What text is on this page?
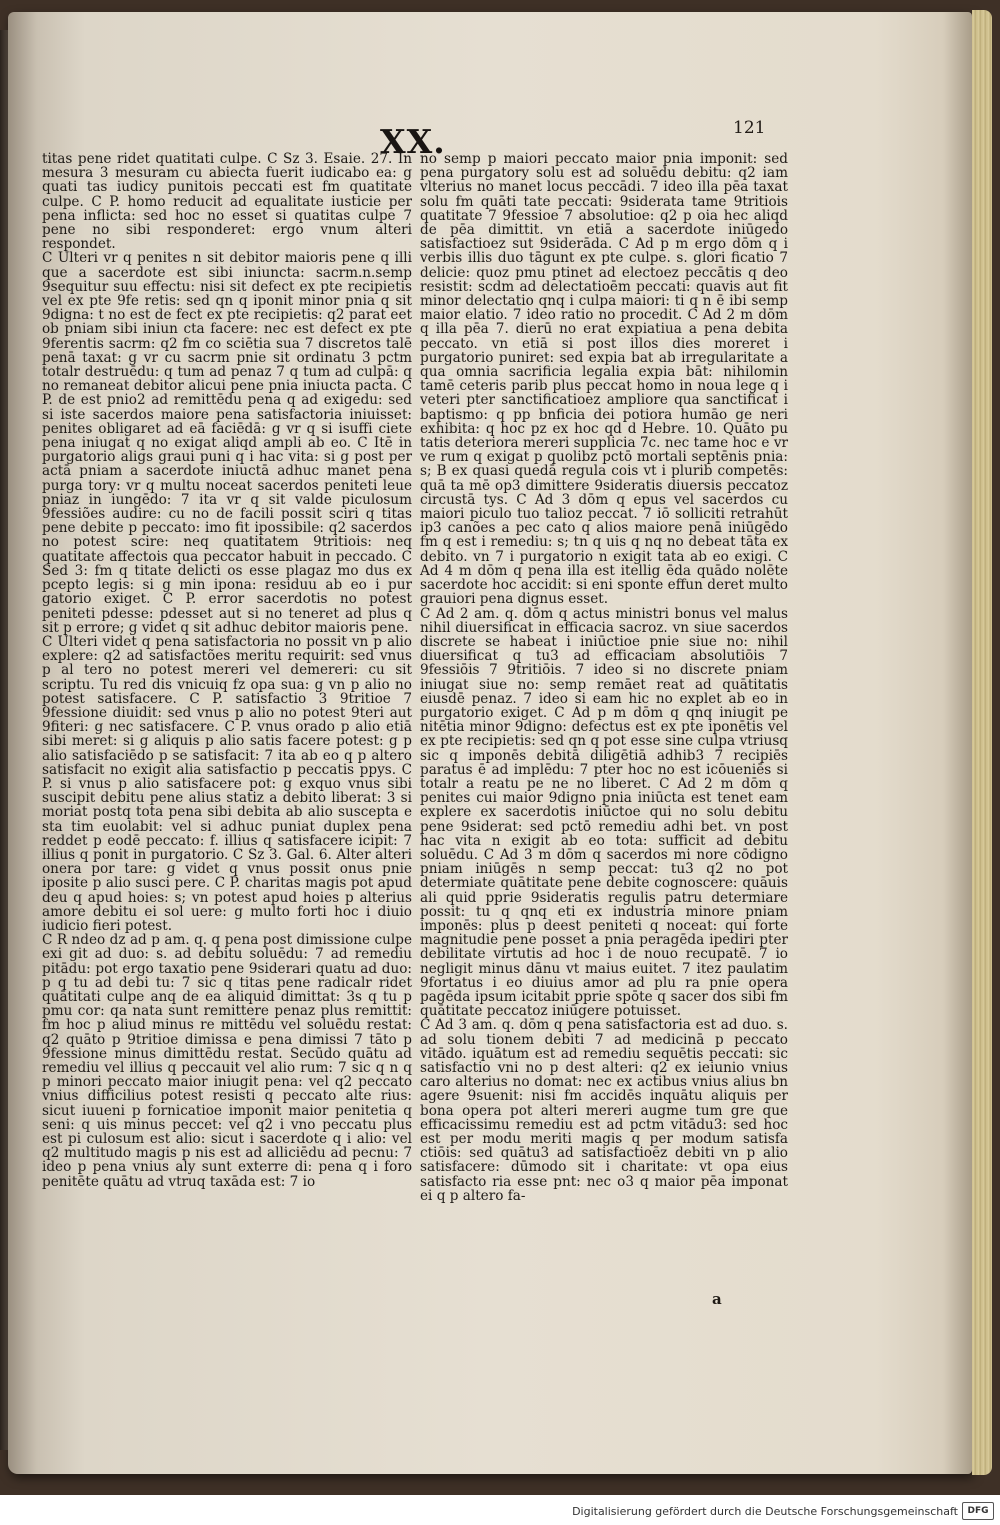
XX.	121

titas pene ridet quatitati culpe. C Sz 3. Esaie. 27. In mesura 3 mesuram cu abiecta fuerit iudicabo ea: g quati tas iudicy punitois peccati est fm quatitate culpe. C P. homo reducit ad equalitate iusticie per pena inflicta: sed hoc no esset si quatitas culpe 7 pene no sibi responderet: ergo vnum alteri respondet.

C Ulteri vr q penites n sit debitor maioris pene q illi que a sacerdote est sibi iniuncta: sacrm.n.semp 9sequitur suu effectu: nisi sit defect ex pte recipietis vel ex pte 9fe retis: sed qn q iponit minor pnia q sit 9digna: t no est de fect ex pte recipietis: q2 parat eet ob pniam sibi iniun cta facere: nec est defect ex pte 9ferentis sacrm: q2 fm co sciētia sua 7 discretos talē penā taxat: g vr cu sacrm pnie sit ordinatu 3 pctm totalr destruēdu: q tum ad penaz 7 q tum ad culpā: q no remaneat debitor alicui pene pnia iniucta pacta. C P. de est pnio2 ad remittēdu pena q ad exigedu: sed si iste sacerdos maiore pena satisfactoria iniuisset: penites obligaret ad eā faciēdā: g vr q si isuffi ciete pena iniugat q no exigat aliqd ampli ab eo. C Itē in purgatorio aligs graui puni q i hac vita: si g post per actā pniam a sacerdote iniuctā adhuc manet pena purga tory: vr q multu noceat sacerdos peniteti leue pniaz in iungēdo: 7 ita vr q sit valde piculosum 9fessiões audire: cu no de facili possit sciri q titas pene debite p peccato: imo fit ipossibile: q2 sacerdos no potest scire: neq quatitatem 9tritiois: neq quatitate affectois qua peccator habuit in peccado. C Sed 3: fm q titate delicti os esse plagaz mo dus ex pcepto legis: si g min ipona: residuu ab eo i pur gatorio exiget. C P. error sacerdotis no potest peniteti pdesse: pdesset aut si no teneret ad plus q sit p errore; g videt q sit adhuc debitor maioris pene.

C Ulteri videt q pena satisfactoria no possit vn p alio explere: q2 ad satisfactões meritu requirit: sed vnus p al tero no potest mereri vel demereri: cu sit scriptu. Tu red dis vnicuiq fz opa sua: g vn p alio no potest satisfacere. C P. satisfactio 3 9tritioe 7 9fessione diuidit: sed vnus p alio no potest 9teri aut 9fiteri: g nec satisfacere. C P. vnus orado p alio etiā sibi meret: si g aliquis p alio satis facere potest: g p alio satisfaciēdo p se satisfacit: 7 ita ab eo q p altero satisfacit no exigit alia satisfactio p peccatis ppys. C P. si vnus p alio satisfacere pot: g exquo vnus sibi suscipit debitu pene alius statiz a debito liberat: 3 si moriat postq tota pena sibi debita ab alio suscepta e sta tim euolabit: vel si adhuc puniat duplex pena reddet p eodē peccato: f. illius q satisfacere icipit: 7 illius q ponit in purgatorio. C Sz 3. Gal. 6. Alter alteri onera por tare: g videt q vnus possit onus pnie iposite p alio susci pere. C P. charitas magis pot apud deu q apud hoies: s; vn potest apud hoies p alterius amore debitu ei sol uere: g multo forti hoc i diuio iudicio fieri potest.

C R ndeo dz ad p am. q. q pena post dimissione culpe exi git ad duo: s. ad debitu soluēdu: 7 ad remediu pitādu: pot ergo taxatio pene 9siderari quatu ad duo: p q tu ad debi tu: 7 sic q titas pene radicalr ridet quātitati culpe anq de ea aliquid dimittat: 3s q tu p pmu cor: qa nata sunt remittere penaz plus remittit: fm hoc p aliud minus re mittēdu vel soluēdu restat: q2 quāto p 9tritioe dimissa e pena dimissi 7 tāto p 9fessione minus dimittēdu restat. Secūdo quātu ad remediu vel illius q peccauit vel alio rum: 7 sic q n q p minori peccato maior iniugit pena: vel q2 peccato vnius difficilius potest resisti q peccato alte rius: sicut iuueni p fornicatioe imponit maior penitetia q seni: q uis minus peccet: vel q2 i vno peccatu plus est pi culosum est alio: sicut i sacerdote q i alio: vel q2 multitudo magis p nis est ad alliciēdu ad pecnu: 7 ideo p pena vnius aly sunt exterre di: pena q i foro penitēte quātu ad vtruq taxāda est: 7 io

no semp p maiori peccato maior pnia imponit: sed pena purgatory solu est ad soluēdu debitu: q2 iam vlterius no manet locus peccādi. 7 ideo illa pēa taxat solu fm quāti tate peccati: 9siderata tame 9tritiois quatitate 7 9fessioe 7 absolutioe: q2 p oia hec aliqd de pēa dimittit. vn etiā a sacerdote iniūgedo satisfactioez sut 9siderāda. C Ad p m ergo dōm q i verbis illis duo tāgunt ex pte culpe. s. glori ficatio 7 delicie: quoz pmu ptinet ad electoez peccātis q deo resistit: scdm ad delectatioēm peccati: quavis aut fit minor delectatio qnq i culpa maiori: ti q n ē ibi semp maior elatio. 7 ideo ratio no procedit. C Ad 2 m dōm q illa pēa 7. dierū no erat expiatiua a pena debita peccato. vn etiā si post illos dies moreret i purgatorio puniret: sed expia bat ab irregularitate a qua omnia sacrificia legalia expia bāt: nihilomin tamē ceteris parib plus peccat homo in noua lege q i veteri pter sanctificatioez ampliore qua sanctificat i baptismo: q pp bnficia dei potiora humāo ge neri exhibita: q hoc pz ex hoc qd d Hebre. 10. Quāto pu tatis deteriora mereri supplicia 7c. nec tame hoc e vr ve rum q exigat p quolibz pctō mortali septēnis pnia: s; B ex quasi quedā regula cois vt i plurib competēs: quā ta mē op3 dimittere 9sideratis diuersis peccatoz circustā tys. C Ad 3 dōm q epus vel sacerdos cu maiori piculo tuo talioz peccat. 7 iō solliciti retrahūt ip3 canões a pec cato q alios maiore penā iniūgēdo fm q est i remediu: s; tn q uis q nq no debeat tāta ex debito. vn 7 i purgatorio n exigit tata ab eo exigi. C Ad 4 m dōm q pena illa est itellig ēda quādo nolēte sacerdote hoc accidit: si eni sponte effun deret multo grauiori pena dignus esset.

C Ad 2 am. q. dōm q actus ministri bonus vel malus nihil diuersificat in efficacia sacroz. vn siue sacerdos discrete se habeat i iniūctioe pnie siue no: nihil diuersificat q tu3 ad efficaciam absolutiōis 7 9fessiōis 7 9tritiōis. 7 ideo si no discrete pniam iniugat siue no: semp remāet reat ad quātitatis eiusdē penaz. 7 ideo si eam hic no explet ab eo in purgatorio exiget. C Ad p m dōm q qnq iniugit pe nitētia minor 9digno: defectus est ex pte iponētis vel ex pte recipietis: sed qn q pot esse sine culpa vtriusq sic q imponēs debitā diligētiā adhib3 7 recipiēs paratus ē ad implēdu: 7 pter hoc no est icōueniēs si totalr a reatu pe ne no liberet. C Ad 2 m dōm q penites cui maior 9digno pnia iniūcta est tenet eam explere ex sacerdotis iniūctoe qui no solu debitu pene 9siderat: sed pctō remediu adhi bet. vn post hac vita n exigit ab eo tota: sufficit ad debitu soluēdu. C Ad 3 m dōm q sacerdos mi nore cōdigno pniam iniūgēs n semp peccat: tu3 q2 no pot determiate quātitate pene debite cognoscere: quāuis ali quid pprie 9sideratis regulis patru determiare possit: tu q qnq eti ex industria minore pniam imponēs: plus p deest peniteti q noceat: qui forte magnitudie pene posset a pnia peragēda ipediri pter debilitate virtutis ad hoc i de nouo recupatē. 7 io negligit minus dānu vt maius euitet. 7 itez paulatim 9fortatus i eo diuius amor ad plu ra pnie opera pagēda ipsum icitabit pprie spōte q sacer dos sibi fm quātitate peccatoz iniūgere potuisset.

C Ad 3 am. q. dōm q pena satisfactoria est ad duo. s. ad solu tionem debiti 7 ad medicinā p peccato vitādo. iquātum est ad remediu sequētis peccati: sic satisfactio vni no p dest alteri: q2 ex ieiunio vnius caro alterius no domat: nec ex actibus vnius alius bn agere 9suenit: nisi fm accidēs inquātu aliquis per bona opera pot alteri mereri augme tum gre que efficacissimu remediu est ad pctm vitādu3: sed hoc est per modu meriti magis q per modum satisfa ctiōis: sed quātu3 ad satisfactioēz debiti vn p alio satisfacere: dūmodo sit i charitate: vt opa eius satisfacto ria esse pnt: nec o3 q maior pēa imponat ei q p altero fa-

a
Digitalisierung gefördert durch die Deutsche Forschungsgemeinschaft	DFG
